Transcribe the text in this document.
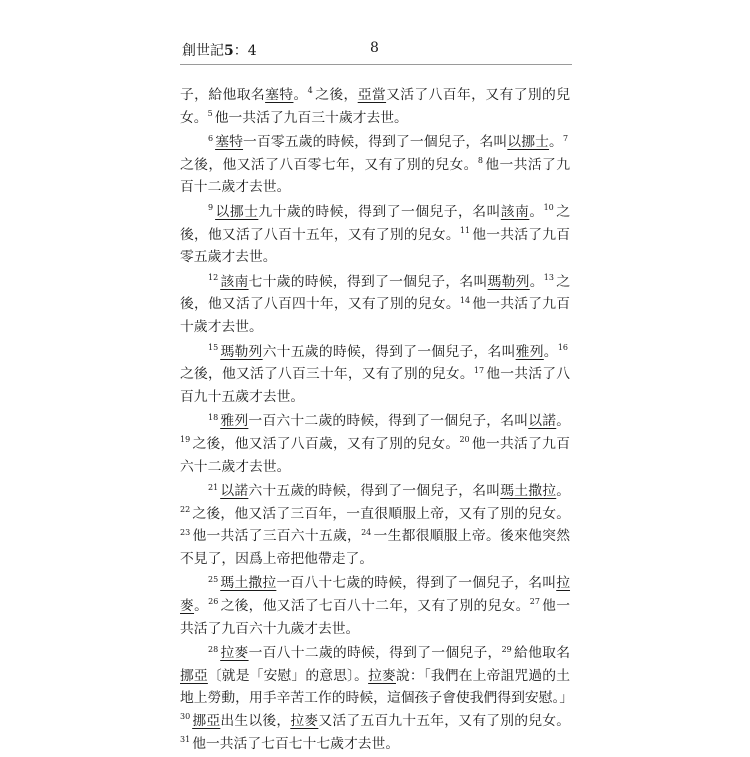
創世記5：4	8

子，給他取名塞特。$^4$ 之後，亞當又活了八百年，又有了別的兒女。$^5$ 他一共活了九百三十歲才去世。

$^6$ 塞特一百零五歲的時候，得到了一個兒子，名叫以挪士。$^7$之後，他又活了八百零七年，又有了別的兒女。$^8$ 他一共活了九百十二歲才去世。

$^9$ 以挪士九十歲的時候，得到了一個兒子，名叫該南。$^{10}$ 之後，他又活了八百十五年，又有了別的兒女。$^{11}$ 他一共活了九百零五歲才去世。

$^{12}$ 該南七十歲的時候，得到了一個兒子，名叫瑪勒列。$^{13}$ 之後，他又活了八百四十年，又有了別的兒女。$^{14}$ 他一共活了九百十歲才去世。

$^{15}$ 瑪勒列六十五歲的時候，得到了一個兒子，名叫雅列。$^{16}$之後，他又活了八百三十年，又有了別的兒女。$^{17}$ 他一共活了八百九十五歲才去世。

$^{18}$ 雅列一百六十二歲的時候，得到了一個兒子，名叫以諾。$^{19}$ 之後，他又活了八百歲，又有了別的兒女。$^{20}$ 他一共活了九百六十二歲才去世。

$^{21}$ 以諾六十五歲的時候，得到了一個兒子，名叫瑪土撒拉。$^{22}$ 之後，他又活了三百年，一直很順服上帝，又有了別的兒女。$^{23}$ 他一共活了三百六十五歲，$^{24}$ 一生都很順服上帝。後來他突然不見了，因爲上帝把他帶走了。

$^{25}$ 瑪土撒拉一百八十七歲的時候，得到了一個兒子，名叫拉麥。$^{26}$ 之後，他又活了七百八十二年，又有了別的兒女。$^{27}$ 他一共活了九百六十九歲才去世。

$^{28}$ 拉麥一百八十二歲的時候，得到了一個兒子，$^{29}$ 給他取名挪亞〔就是「安慰」的意思〕。拉麥說：「我們在上帝詛咒過的土地上勞動，用手辛苦工作的時候，這個孩子會使我們得到安慰。」$^{30}$ 挪亞出生以後，拉麥又活了五百九十五年，又有了別的兒女。$^{31}$ 他一共活了七百七十七歲才去世。
